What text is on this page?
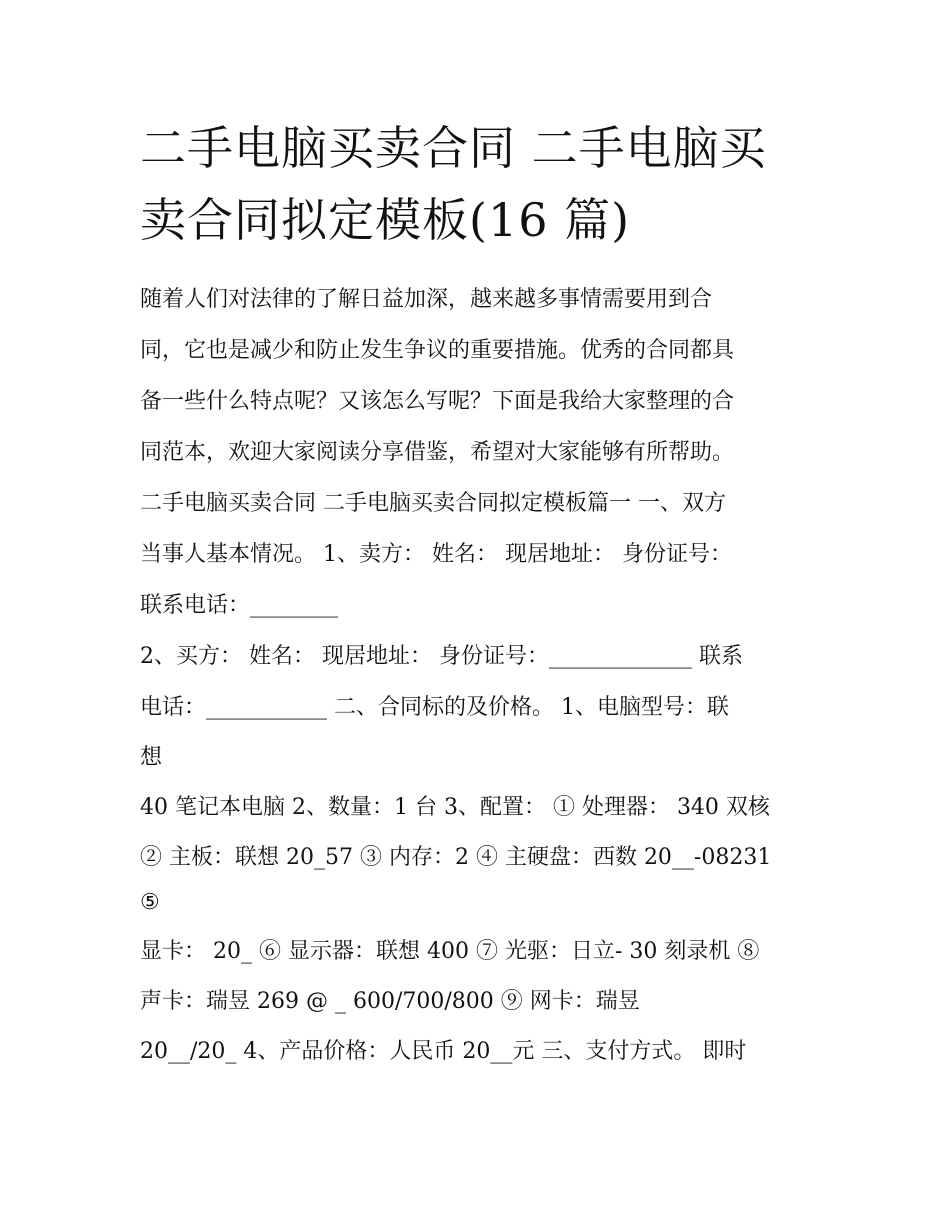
二手电脑买卖合同 二手电脑买
卖合同拟定模板(16 篇)

随着人们对法律的了解日益加深，越来越多事情需要用到合

同，它也是减少和防止发生争议的重要措施。优秀的合同都具

备一些什么特点呢？又该怎么写呢？下面是我给大家整理的合

同范本，欢迎大家阅读分享借鉴，希望对大家能够有所帮助。

二手电脑买卖合同 二手电脑买卖合同拟定模板篇一 一、双方

当事人基本情况。 1、卖方： 姓名： 现居地址： 身份证号：

联系电话：________

2、买方： 姓名： 现居地址： 身份证号：_____________ 联系

电话：___________ 二、合同标的及价格。 1、电脑型号：联

想

40 笔记本电脑 2、数量：1 台 3、配置： ① 处理器： 340 双核

② 主板：联想 20_57 ③ 内存：2 ④ 主硬盘：西数 20__-08231

⑤

显卡： 20_ ⑥ 显示器：联想 400 ⑦ 光驱：日立- 30 刻录机 ⑧

声卡：瑞昱 269 @ _ 600/700/800 ⑨ 网卡：瑞昱

20__/20_ 4、产品价格：人民币 20__元 三、支付方式。 即时
